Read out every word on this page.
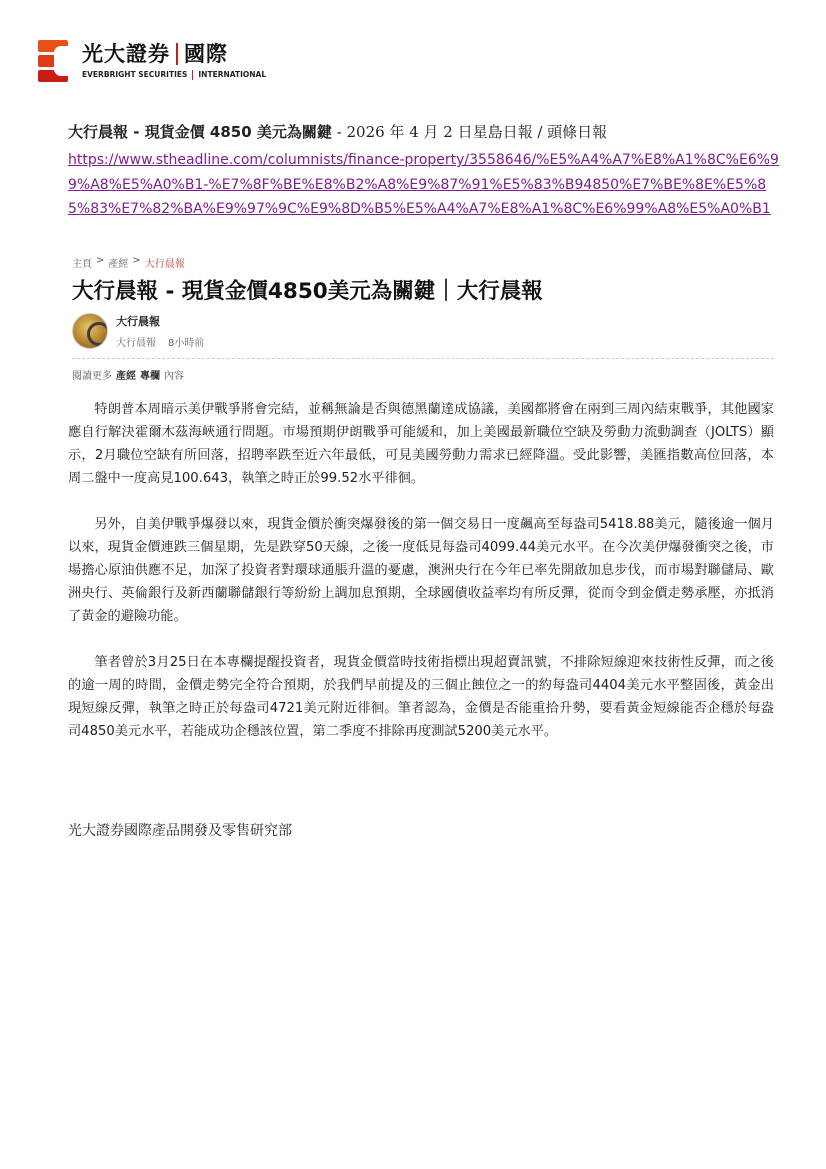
光大證券 國際
EVERBRIGHT SECURITIES INTERNATIONAL
大行晨報 - 現貨金價 4850 美元為關鍵 - 2026 年 4 月 2 日星島日報 / 頭條日報
https://www.stheadline.com/columnists/finance-property/3558646/%E5%A4%A7%E8%A1%8C%E6%99%A8%E5%A0%B1-%E7%8F%BE%E8%B2%A8%E9%87%91%E5%83%B94850%E7%BE%8E%E5%85%83%E7%82%BA%E9%97%9C%E9%8D%B5%E5%A4%A7%E8%A1%8C%E6%99%A8%E5%A0%B1
主頁 > 產經 > 大行晨報
大行晨報 - 現貨金價4850美元為關鍵｜大行晨報
大行晨報
大行晨報 8小時前
閱讀更多 產經 專欄 內容

特朗普本周暗示美伊戰爭將會完結，並稱無論是否與德黑蘭達成協議，美國都將會在兩到三周內結束戰爭，其他國家應自行解決霍爾木茲海峽通行問題。市場預期伊朗戰爭可能緩和，加上美國最新職位空缺及勞動力流動調查（JOLTS）顯示，2月職位空缺有所回落，招聘率跌至近六年最低，可見美國勞動力需求已經降溫。受此影響，美匯指數高位回落，本周二盤中一度高見100.643，執筆之時正於99.52水平徘徊。

另外，自美伊戰爭爆發以來，現貨金價於衝突爆發後的第一個交易日一度飆高至每盎司5418.88美元，隨後逾一個月以來，現貨金價連跌三個星期，先是跌穿50天線，之後一度低見每盎司4099.44美元水平。在今次美伊爆發衝突之後，市場擔心原油供應不足，加深了投資者對環球通脹升溫的憂慮，澳洲央行在今年已率先開啟加息步伐，而市場對聯儲局、歐洲央行、英倫銀行及新西蘭聯儲銀行等紛紛上調加息預期，全球國債收益率均有所反彈，從而令到金價走勢承壓，亦抵消了黃金的避險功能。

筆者曾於3月25日在本專欄提醒投資者，現貨金價當時技術指標出現超賣訊號，不排除短線迎來技術性反彈，而之後的逾一周的時間，金價走勢完全符合預期，於我們早前提及的三個止蝕位之一的約每盎司4404美元水平整固後，黃金出現短線反彈，執筆之時正於每盎司4721美元附近徘徊。筆者認為，金價是否能重拾升勢，要看黃金短線能否企穩於每盎司4850美元水平，若能成功企穩該位置，第二季度不排除再度測試5200美元水平。

光大證券國際產品開發及零售研究部
